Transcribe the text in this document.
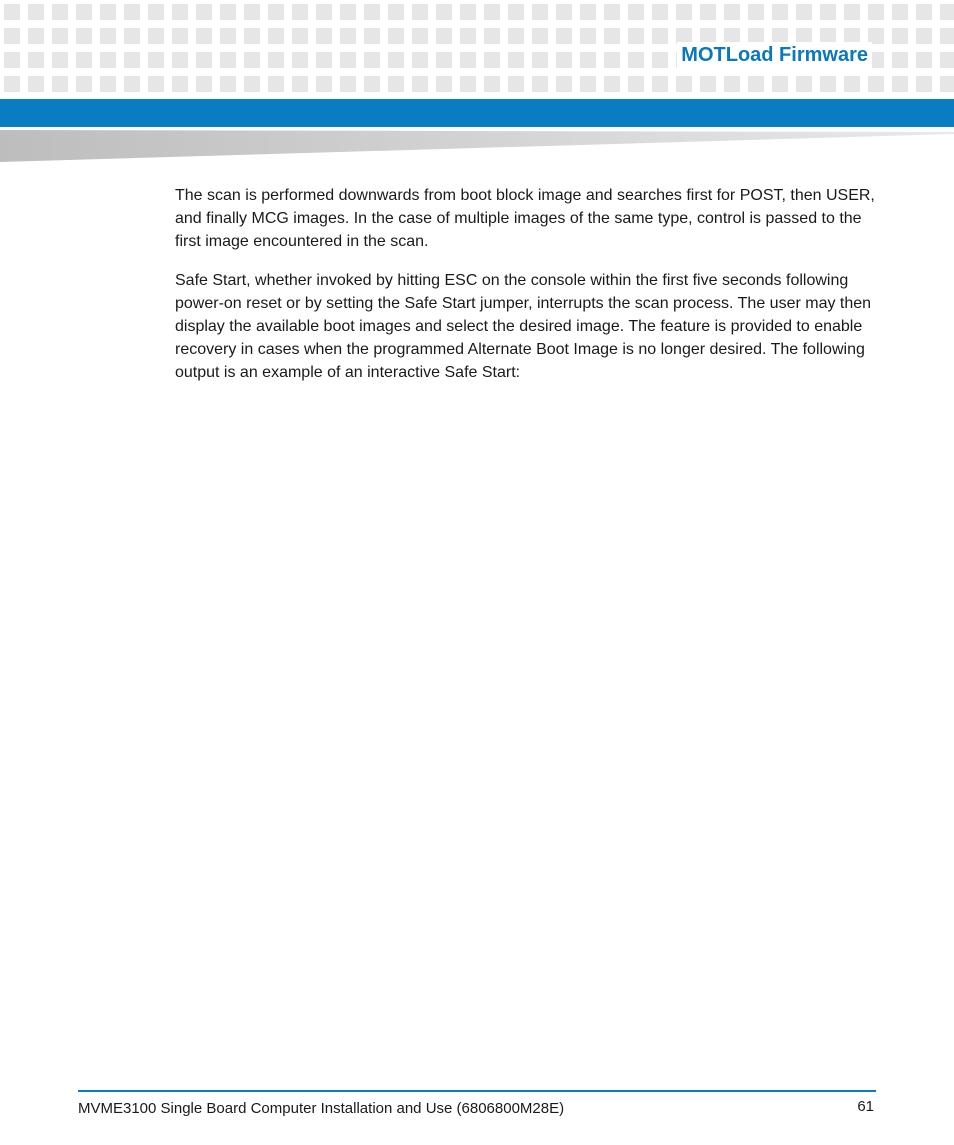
MOTLoad Firmware

The scan is performed downwards from boot block image and searches first for POST, then USER, and finally MCG images. In the case of multiple images of the same type, control is passed to the first image encountered in the scan.

Safe Start, whether invoked by hitting ESC on the console within the first five seconds following power-on reset or by setting the Safe Start jumper, interrupts the scan process. The user may then display the available boot images and select the desired image. The feature is provided to enable recovery in cases when the programmed Alternate Boot Image is no longer desired. The following output is an example of an interactive Safe Start:

MVME3100 Single Board Computer Installation and Use (6806800M28E)	61
